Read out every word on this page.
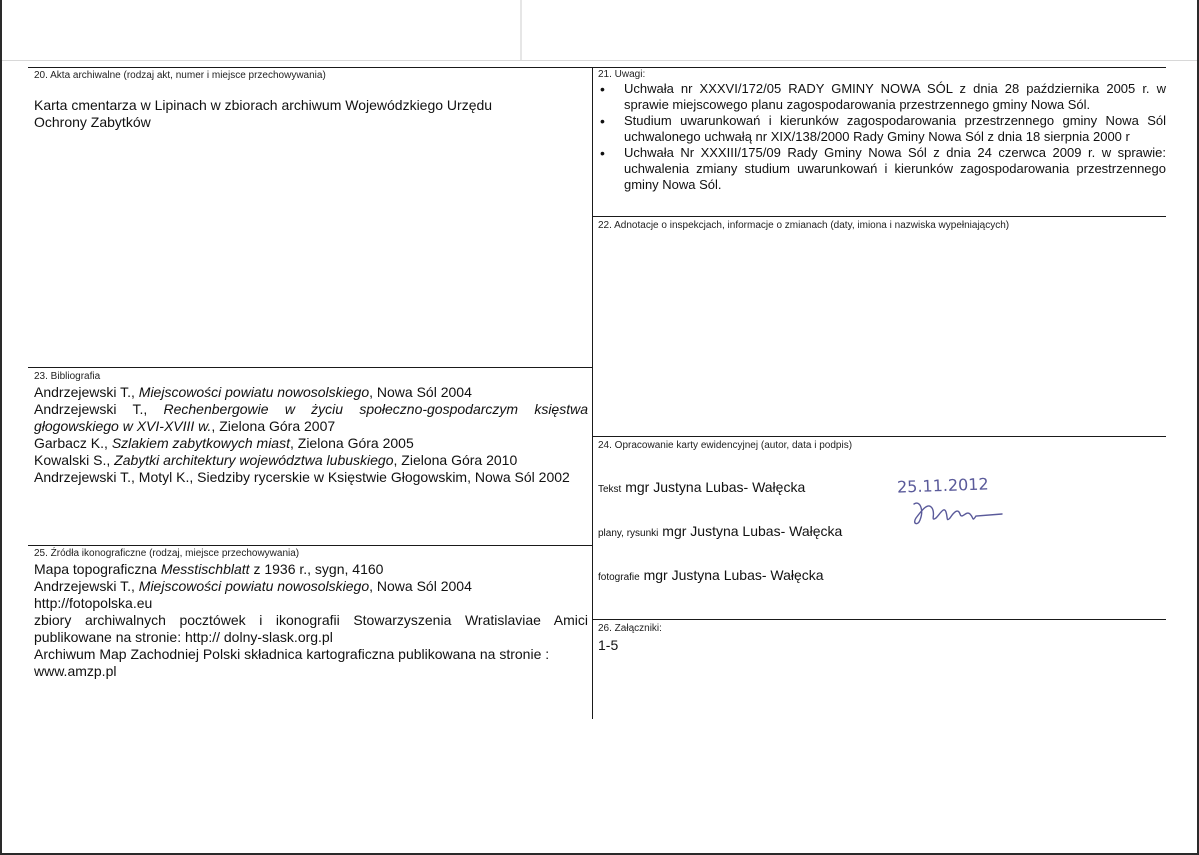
20. Akta archiwalne (rodzaj akt, numer i miejsce przechowywania)
Karta cmentarza w Lipinach w zbiorach archiwum Wojewódzkiego Urzędu
Ochrony Zabytków
21. Uwagi:
• Uchwała nr XXXVI/172/05 RADY GMINY NOWA SÓL z dnia 28 października 2005 r. w sprawie miejscowego planu zagospodarowania przestrzennego gminy Nowa Sól.
• Studium uwarunkowań i kierunków zagospodarowania przestrzennego gminy Nowa Sól uchwalonego uchwałą nr XIX/138/2000 Rady Gminy Nowa Sól z dnia 18 sierpnia 2000 r
• Uchwała Nr XXXIII/175/09 Rady Gminy Nowa Sól z dnia 24 czerwca 2009 r. w sprawie: uchwalenia zmiany studium uwarunkowań i kierunków zagospodarowania przestrzennego gminy Nowa Sól.
22. Adnotacje o inspekcjach, informacje o zmianach (daty, imiona i nazwiska wypełniających)
23. Bibliografia
Andrzejewski T., Miejscowości powiatu nowosolskiego, Nowa Sól 2004
Andrzejewski T., Rechenbergowie w życiu społeczno-gospodarczym księstwa głogowskiego w XVI-XVIII w., Zielona Góra 2007
Garbacz K., Szlakiem zabytkowych miast, Zielona Góra 2005
Kowalski S., Zabytki architektury województwa lubuskiego, Zielona Góra 2010
Andrzejewski T., Motyl K., Siedziby rycerskie w Księstwie Głogowskim, Nowa Sól 2002
24. Opracowanie karty ewidencyjnej (autor, data i podpis)
Tekst mgr Justyna Lubas- Wałęcka
plany, rysunki mgr Justyna Lubas- Wałęcka
fotografie mgr Justyna Lubas- Wałęcka
25.11.2012
25. Źródła ikonograficzne (rodzaj, miejsce przechowywania)
Mapa topograficzna Messtischblatt z 1936 r., sygn, 4160
Andrzejewski T., Miejscowości powiatu nowosolskiego, Nowa Sól 2004
http://fotopolska.eu
zbiory archiwalnych pocztówek i ikonografii Stowarzyszenia Wratislaviae Amici publikowane na stronie: http:// dolny-slask.org.pl
Archiwum Map Zachodniej Polski składnica kartograficzna publikowana na stronie : www.amzp.pl
26. Załączniki:
1-5
